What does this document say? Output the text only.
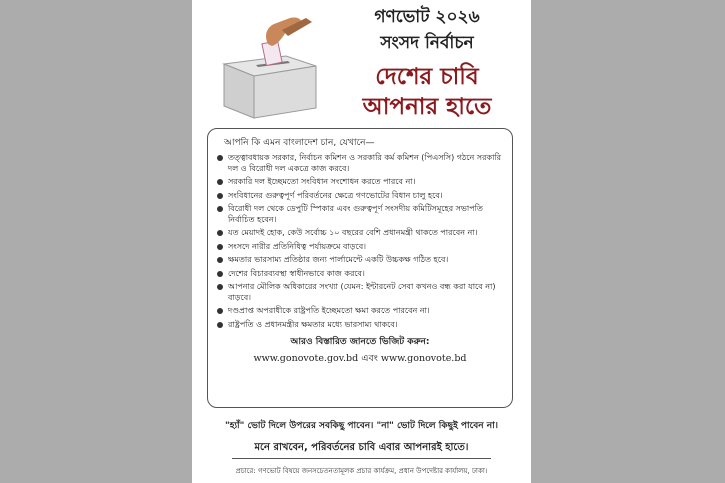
গণভোট ২০২৬
সংসদ নির্বাচন
দেশের চাবি
আপনার হাতে
আপনি কি এমন বাংলাদেশ চান, যেখানে—
তত্ত্বাবধায়ক সরকার, নির্বাচন কমিশন ও সরকারি কর্ম কমিশন (পিএসসি) গঠনে সরকারি দল ও বিরোধী দল একত্রে কাজ করবে।
সরকারি দল ইচ্ছেমতো সংবিধান সংশোধন করতে পারবে না।
সংবিধানের গুরুত্বপূর্ণ পরিবর্তনের ক্ষেত্রে গণভোটের বিধান চালু হবে।
বিরোধী দল থেকে ডেপুটি স্পিকার এবং গুরুত্বপূর্ণ সংসদীয় কমিটিসমূহের সভাপতি নির্বাচিত হবেন।
যত মেয়াদই হোক, কেউ সর্বোচ্চ ১০ বছরের বেশি প্রধানমন্ত্রী থাকতে পারবেন না।
সংসদে নারীর প্রতিনিধিত্ব পর্যায়ক্রমে বাড়বে।
ক্ষমতার ভারসাম্য প্রতিষ্ঠার জন্য পার্লামেন্টে একটি উচ্চকক্ষ গঠিত হবে।
দেশের বিচারব্যবস্থা স্বাধীনভাবে কাজ করবে।
আপনার মৌলিক অধিকারের সংখ্যা (যেমন: ইন্টারনেট সেবা কখনও বন্ধ করা যাবে না) বাড়বে।
দণ্ডপ্রাপ্ত অপরাধীকে রাষ্ট্রপতি ইচ্ছেমতো ক্ষমা করতে পারবেন না।
রাষ্ট্রপতি ও প্রধানমন্ত্রীর ক্ষমতার মধ্যে ভারসাম্য থাকবে।
আরও বিস্তারিত জানতে ভিজিট করুন:
www.gonovote.gov.bd এবং www.gonovote.bd
"হ্যাঁ" ভোট দিলে উপরের সবকিছু পাবেন। "না" ভোট দিলে কিছুই পাবেন না।
মনে রাখবেন, পরিবর্তনের চাবি এবার আপনারই হাতে।
প্রচারে: গণভোট বিষয়ে জনসচেতনতামূলক প্রচার কার্যক্রম, প্রধান উপদেষ্টার কার্যালয়, ঢাকা।
